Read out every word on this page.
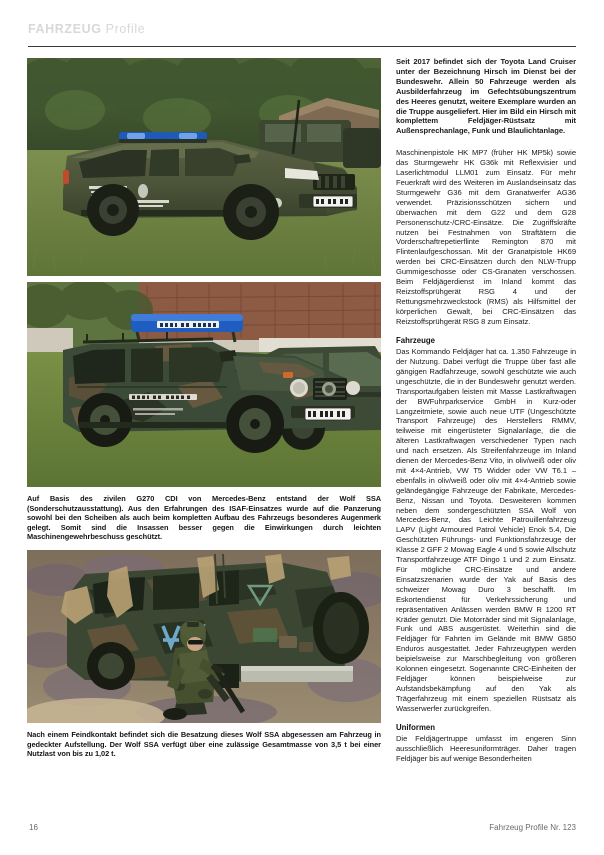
FAHRZEUG Profile
Auf Basis des zivilen G270 CDI von Mercedes-Benz entstand der Wolf SSA (Sonderschutzausstattung). Aus den Erfahrungen des ISAF-Einsatzes wurde auf die Panzerung sowohl bei den Scheiben als auch beim kompletten Aufbau des Fahrzeugs besonderes Augenmerk gelegt. Somit sind die Insassen besser gegen die Einwirkungen durch leichten Maschinengewehrbeschuss geschützt.
Nach einem Feindkontakt befindet sich die Besatzung dieses Wolf SSA abgesessen am Fahrzeug in gedeckter Aufstellung. Der Wolf SSA verfügt über eine zulässige Gesamtmasse von 3,5 t bei einer Nutzlast von bis zu 1,02 t.

Seit 2017 befindet sich der Toyota Land Cruiser unter der Bezeichnung Hirsch im Dienst bei der Bundeswehr. Allein 50 Fahrzeuge werden als Ausbilderfahrzeug im Gefechtsübungszentrum des Heeres genutzt, weitere Exemplare wurden an die Truppe ausgeliefert. Hier im Bild ein Hirsch mit komplettem Feldjäger-Rüstsatz mit Außensprechanlage, Funk und Blaulichtanlage.

Maschinenpistole HK MP7 (früher HK MP5k) sowie das Sturmgewehr HK G36k mit Reflexvisier und Laserlichtmodul LLM01 zum Einsatz. Für mehr Feuerkraft wird des Weiteren im Auslandseinsatz das Sturmgewehr G36 mit dem Granatwerfer AG36 verwendet. Präzisionsschützen sichern und überwachen mit dem G22 und dem G28 Personenschutz-/CRC-Einsätze. Die Zugriffskräfte nutzen bei Festnahmen von Straftätern die Vorderschaftrepetierflinte Remington 870 mit Flintenlaufgeschossan. Mit der Granatpistole HK69 werden bei CRC-Einsätzen durch den NLW-Trupp Gummigeschosse oder CS-Granaten verschossen. Beim Feldjägerdienst im Inland kommt das Reizstoffsprühgerät RSG 4 und der Rettungsmehrzweckstock (RMS) als Hilfsmittel der körperlichen Gewalt, bei CRC-Einsätzen das Reizstoffsprühgerät RSG 8 zum Einsatz.

Fahrzeuge

Das Kommando Feldjäger hat ca. 1.350 Fahrzeuge in der Nutzung. Dabei verfügt die Truppe über fast alle gängigen Radfahrzeuge, sowohl geschützte wie auch ungeschützte, die in der Bundeswehr genutzt werden. Transportaufgaben leisten mit Masse Lastkraftwagen der BWFuhrparkservice GmbH in Kurz-oder Langzeitmiete, sowie auch neue UTF (Ungeschützte Transport Fahrzeuge) des Herstellers RMMV, teilweise mit eingerüsteter Signalanlage, die die älteren Lastkraftwagen verschiedener Typen nach und nach ersetzen. Als Streifenfahrzeuge im Inland dienen der Mercedes-Benz Vito, in oliv/weiß oder oliv mit 4×4-Antrieb, VW T5 Widder oder VW T6.1 – ebenfalls in oliv/weiß oder oliv mit 4×4-Antrieb sowie geländegängige Fahrzeuge der Fabrikate, Mercedes-Benz, Nissan und Toyota. Desweiteren kommen neben dem sondergeschützten SSA Wolf von Mercedes-Benz, das Leichte Patrouillenfahrzeug LAPV (Light Armoured Patrol Vehicle) Enok 5.4, Die Geschützten Führungs- und Funktionsfahrzeuge der Klasse 2 GFF 2 Mowag Eagle 4 und 5 sowie Allschutz Transportfahrzeuge ATF Dingo 1 und 2 zum Einsatz. Für mögliche CRC-Einsätze und andere Einsatzszenarien wurde der Yak auf Basis des schweizer Mowag Duro 3 beschafft. Im Eskortendienst für Verkehrssicherung und repräsentativen Anlässen werden BMW R 1200 RT Kräder genutzt. Die Motorräder sind mit Signalanlage, Funk und ABS ausgerüstet. Weiterhin sind die Feldjäger für Fahrten im Gelände mit BMW G850 Enduros ausgestattet. Jeder Fahrzeugtypen werden beipielsweise zur Marschbegleitung von größeren Kolonnen eingesetzt. Sogenannte CRC-Einheiten der Feldjäger können beispielweise zur Aufstandsbekämpfung auf den Yak als Trägerfahrzeug mit einem speziellen Rüstsatz als Wasserwerfer zurückgreifen.

Uniformen

Die Feldjägertruppe umfasst im engeren Sinn ausschließlich Heeresuniformträger. Daher tragen Feldjäger bis auf wenige Besonderheiten

16	Fahrzeug Profile Nr. 123
